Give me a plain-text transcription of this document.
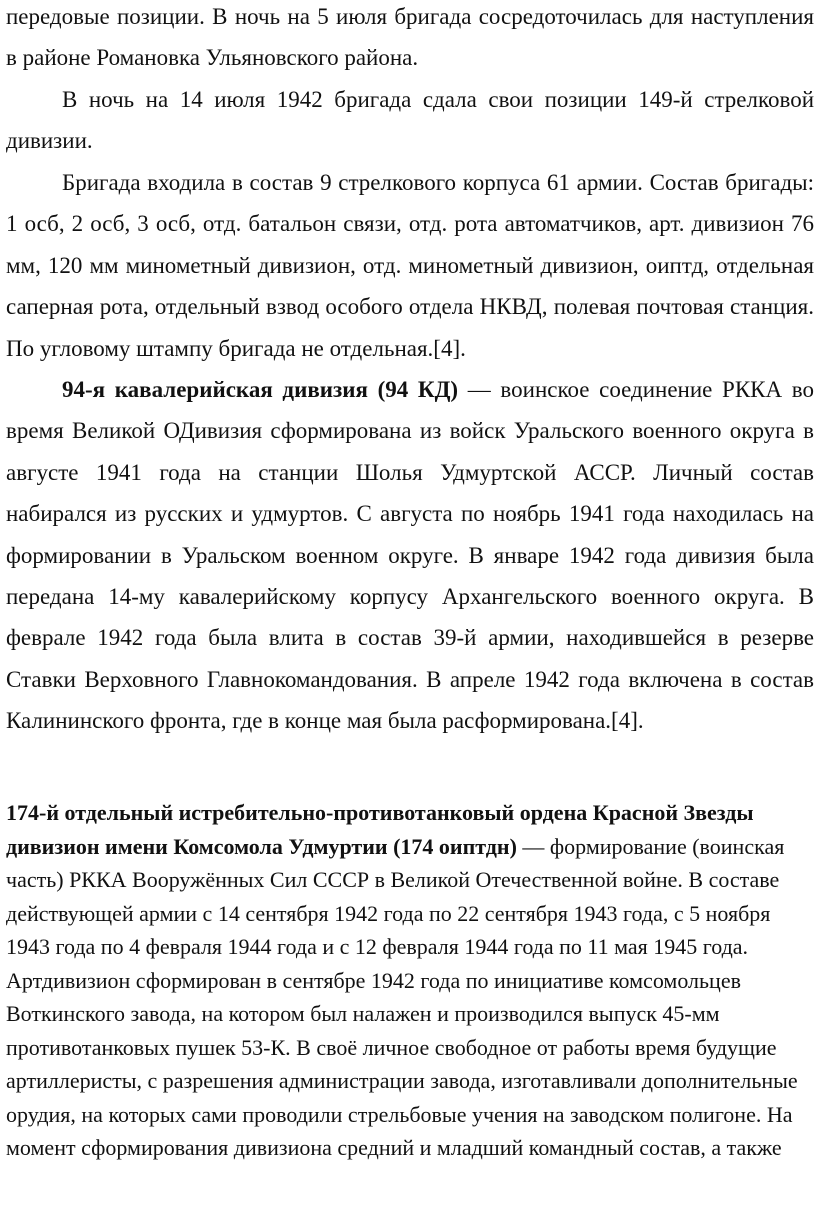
передовые позиции. В ночь на 5 июля бригада сосредоточилась для наступления в районе Романовка Ульяновского района.

В ночь на 14 июля 1942 бригада сдала свои позиции 149-й стрелковой дивизии.

Бригада входила в состав 9 стрелкового корпуса 61 армии. Состав бригады: 1 осб, 2 осб, 3 осб, отд. батальон связи, отд. рота автоматчиков, арт. дивизион 76 мм, 120 мм минометный дивизион, отд. минометный дивизион, оиптд, отдельная саперная рота, отдельный взвод особого отдела НКВД, полевая почтовая станция. По угловому штампу бригада не отдельная.[4].

94-я кавалерийская дивизия (94 КД) — воинское соединение РККА во время Великой ОДивизия сформирована из войск Уральского военного округа в августе 1941 года на станции Шолья Удмуртской АССР. Личный состав набирался из русских и удмуртов. С августа по ноябрь 1941 года находилась на формировании в Уральском военном округе. В январе 1942 года дивизия была передана 14-му кавалерийскому корпусу Архангельского военного округа. В феврале 1942 года была влита в состав 39-й армии, находившейся в резерве Ставки Верховного Главнокомандования. В апреле 1942 года включена в состав Калининского фронта, где в конце мая была расформирована.[4].

174-й отдельный истребительно-противотанковый ордена Красной Звезды дивизион имени Комсомола Удмуртии (174 оиптдн) — формирование (воинская часть) РККА Вооружённых Сил СССР в Великой Отечественной войне. В составе действующей армии с 14 сентября 1942 года по 22 сентября 1943 года, с 5 ноября 1943 года по 4 февраля 1944 года и с 12 февраля 1944 года по 11 мая 1945 года. Артдивизион сформирован в сентябре 1942 года по инициативе комсомольцев Воткинского завода, на котором был налажен и производился выпуск 45-мм противотанковых пушек 53-К. В своё личное свободное от работы время будущие артиллеристы, с разрешения администрации завода, изготавливали дополнительные орудия, на которых сами проводили стрельбовые учения на заводском полигоне. На момент сформирования дивизиона средний и младший командный состав, а также
